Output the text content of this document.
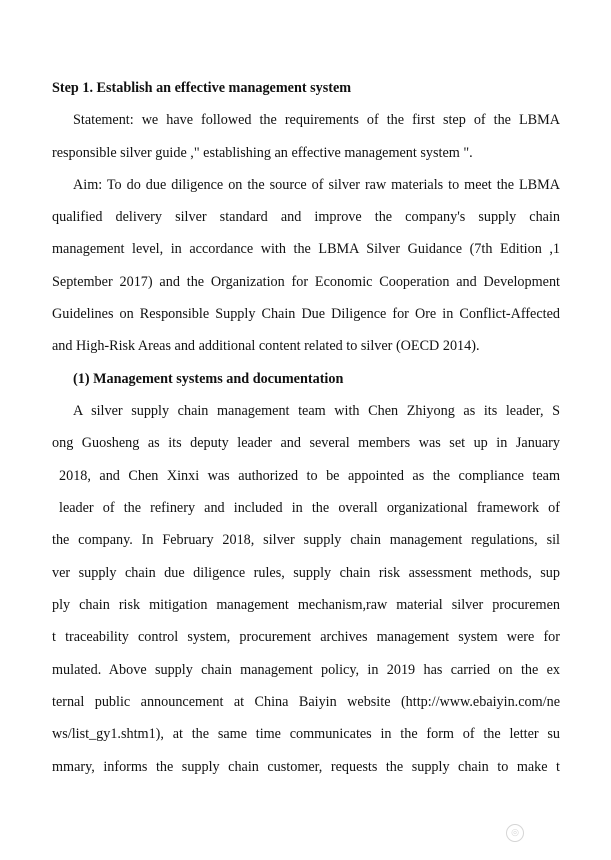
Step 1. Establish an effective management system
Statement: we have followed the requirements of the first step of the LBMA
responsible silver guide ," establishing an effective management system ".
Aim: To do due diligence on the source of silver raw materials to meet the LBMA
qualified delivery silver standard and improve the company's supply chain
management level, in accordance with the LBMA Silver Guidance (7th Edition ,1
September 2017) and the Organization for Economic Cooperation and Development
Guidelines on Responsible Supply Chain Due Diligence for Ore in Conflict-Affected
and High-Risk Areas and additional content related to silver (OECD 2014).
(1) Management systems and documentation
A silver supply chain management team with Chen Zhiyong as its leader, S
ong Guosheng as its deputy leader and several members was set up in January
2018, and Chen Xinxi was authorized to be appointed as the compliance team
leader of the refinery and included in the overall organizational framework of
the company. In February 2018, silver supply chain management regulations, sil
ver supply chain due diligence rules, supply chain risk assessment methods, sup
ply chain risk mitigation management mechanism,raw material silver procuremen
t traceability control system, procurement archives management system were for
mulated. Above supply chain management policy, in 2019 has carried on the ex
ternal public announcement at China Baiyin website (http://www.ebaiyin.com/ne
ws/list_gy1.shtm1), at the same time communicates in the form of the letter su
mmary, informs the supply chain customer, requests the supply chain to make t
◎
